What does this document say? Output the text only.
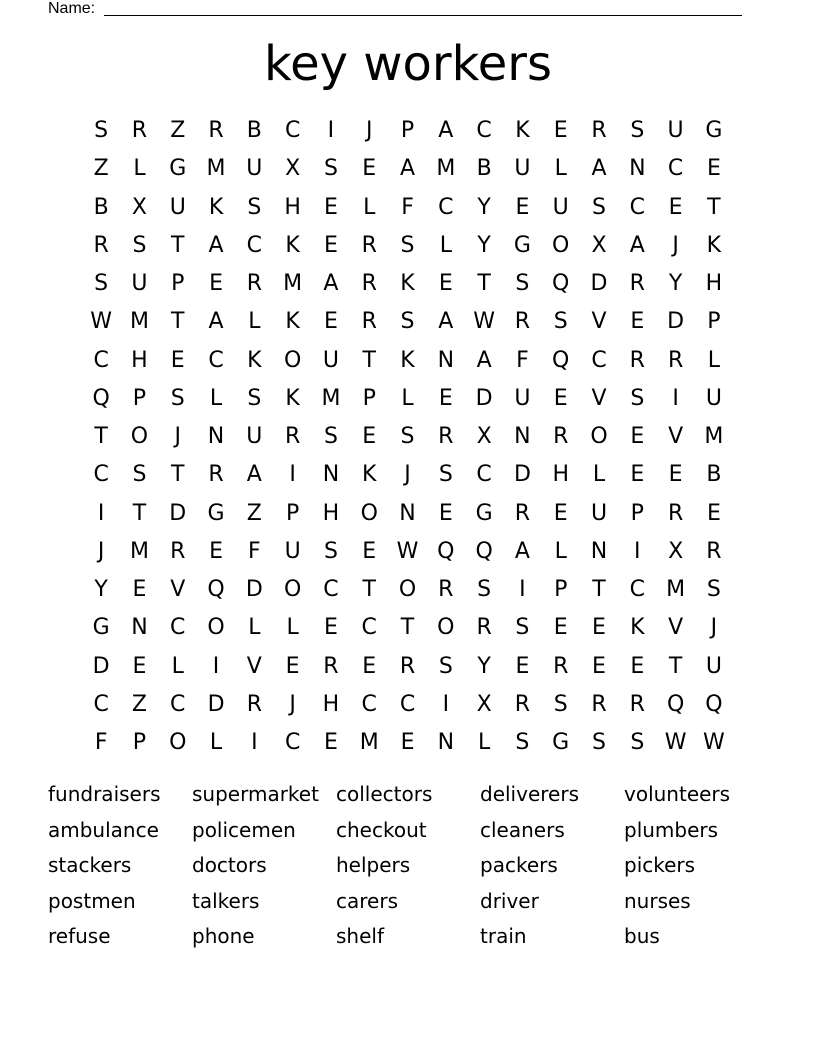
Name:
key workers
S	R	Z	R	B	C	I	J	P	A	C	K	E	R	S	U G
Z	L	G M U	X	S	E	A M B	U	L	A	N	C	E
B	X	U	K	S	H	E	L	F	C	Y	E	U	S	C	E	T
R	S	T	A	C	K	E	R	S	L	Y	G O	X	A	J	K
S	U	P	E	R M A	R	K	E	T	S	Q D	R	Y	H
W M	T	A	L	K	E	R	S	A W R	S	V	E	D	P
C	H	E	C	K	O U	T	K	N	A	F	Q C	R	R	L
Q	P	S	L	S	K M	P	L	E	D U	E	V	S	I	U
T	O	J	N	U	R	S	E	S	R	X	N	R O	E	V M
C	S	T	R	A	I	N	K	J	S	C	D H	L	E	E	B
I	T	D G	Z	P	H O N	E	G	R	E	U	P	R	E
J	M R	E	F	U	S	E W Q Q	A	L	N	I	X	R
Y	E	V	Q D O C	T	O R	S	I	P	T	C M S
G N	C O	L	L	E	C	T	O R	S	E	E	K	V	J
D	E	L	I	V	E	R	E	R	S	Y	E	R	E	E	T	U
C	Z	C	D	R	J	H	C	C	I	X	R	S	R	R Q Q
F	P	O	L	I	C	E M E	N	L	S	G	S	S W W
fundraisers	supermarket collectors	deliverers	volunteers
ambulance	policemen	checkout	cleaners	plumbers
stackers	doctors	helpers	packers	pickers
postmen	talkers	carers	driver	nurses
refuse	phone	shelf	train	bus
